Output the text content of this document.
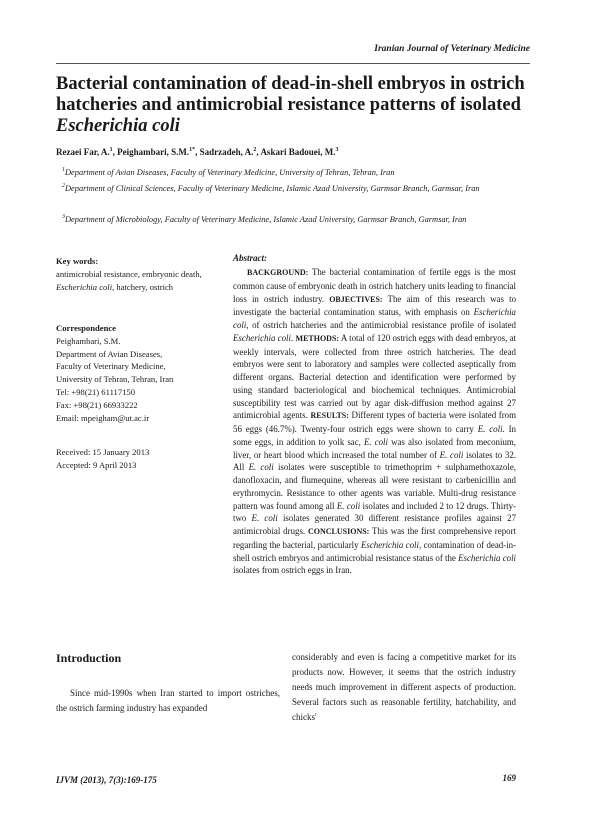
Iranian Journal of Veterinary Medicine
Bacterial contamination of dead-in-shell embryos in ostrich hatcheries and antimicrobial resistance patterns of isolated Escherichia coli
Rezaei Far, A.$^1$, Peighambari, S.M.$^{1*}$, Sadrzadeh, A.$^2$, Askari Badouei, M.$^3$
$^1$Department of Avian Diseases, Faculty of Veterinary Medicine, University of Tehran, Tehran, Iran
$^2$Department of Clinical Sciences, Faculty of Veterinary Medicine, Islamic Azad University, Garmsar Branch, Garmsar, Iran
$^3$Department of Microbiology, Faculty of Veterinary Medicine, Islamic Azad University, Garmsar Branch, Garmsar, Iran
Key words:
antimicrobial resistance, embryonic death, Escherichia coli, hatchery, ostrich
Correspondence
Peighambari, S.M.
Department of Avian Diseases,
Faculty of Veterinary Medicine,
University of Tehran, Tehran, Iran
Tel: +98(21) 61117150
Fax: +98(21) 66933222
Email: mpeigham@ut.ac.ir
Received: 15 January 2013
Accepted: 9 April 2013
Abstract:

BACKGROUND: The bacterial contamination of fertile eggs is the most common cause of embryonic death in ostrich hatchery units leading to financial loss in ostrich industry. OBJECTIVES: The aim of this research was to investigate the bacterial contamination status, with emphasis on Escherichia coli, of ostrich hatcheries and the antimicrobial resistance profile of isolated Escherichia coli. METHODS: A total of 120 ostrich eggs with dead embryos, at weekly intervals, were collected from three ostrich hatcheries. The dead embryos were sent to laboratory and samples were collected aseptically from different organs. Bacterial detection and identification were performed by using standard bacteriological and biochemical techniques. Antimicrobial susceptibility test was carried out by agar disk-diffusion method against 27 antimicrobial agents. RESULTS: Different types of bacteria were isolated from 56 eggs (46.7%). Twenty-four ostrich eggs were shown to carry E. coli. In some eggs, in addition to yolk sac, E. coli was also isolated from meconium, liver, or heart blood which increased the total number of E. coli isolates to 32. All E. coli isolates were susceptible to trimethoprim + sulphamethoxazole, danofloxacin, and flumequine, whereas all were resistant to carbenicillin and erythromycin. Resistance to other agents was variable. Multi-drug resistance pattern was found among all E. coli isolates and included 2 to 12 drugs. Thirty-two E. coli isolates generated 30 different resistance profiles against 27 antimicrobial drugs. CONCLUSIONS: This was the first comprehensive report regarding the bacterial, particularly Escherichia coli, contamination of dead-in-shell ostrich embryos and antimicrobial resistance status of the Escherichia coli isolates from ostrich eggs in Iran.

Introduction

Since mid-1990s when Iran started to import ostriches, the ostrich farming industry has expanded

considerably and even is facing a competitive market for its products now. However, it seems that the ostrich industry needs much improvement in different aspects of production. Several factors such as reasonable fertility, hatchability, and chicks'

IJVM (2013), 7(3):169-175	169
